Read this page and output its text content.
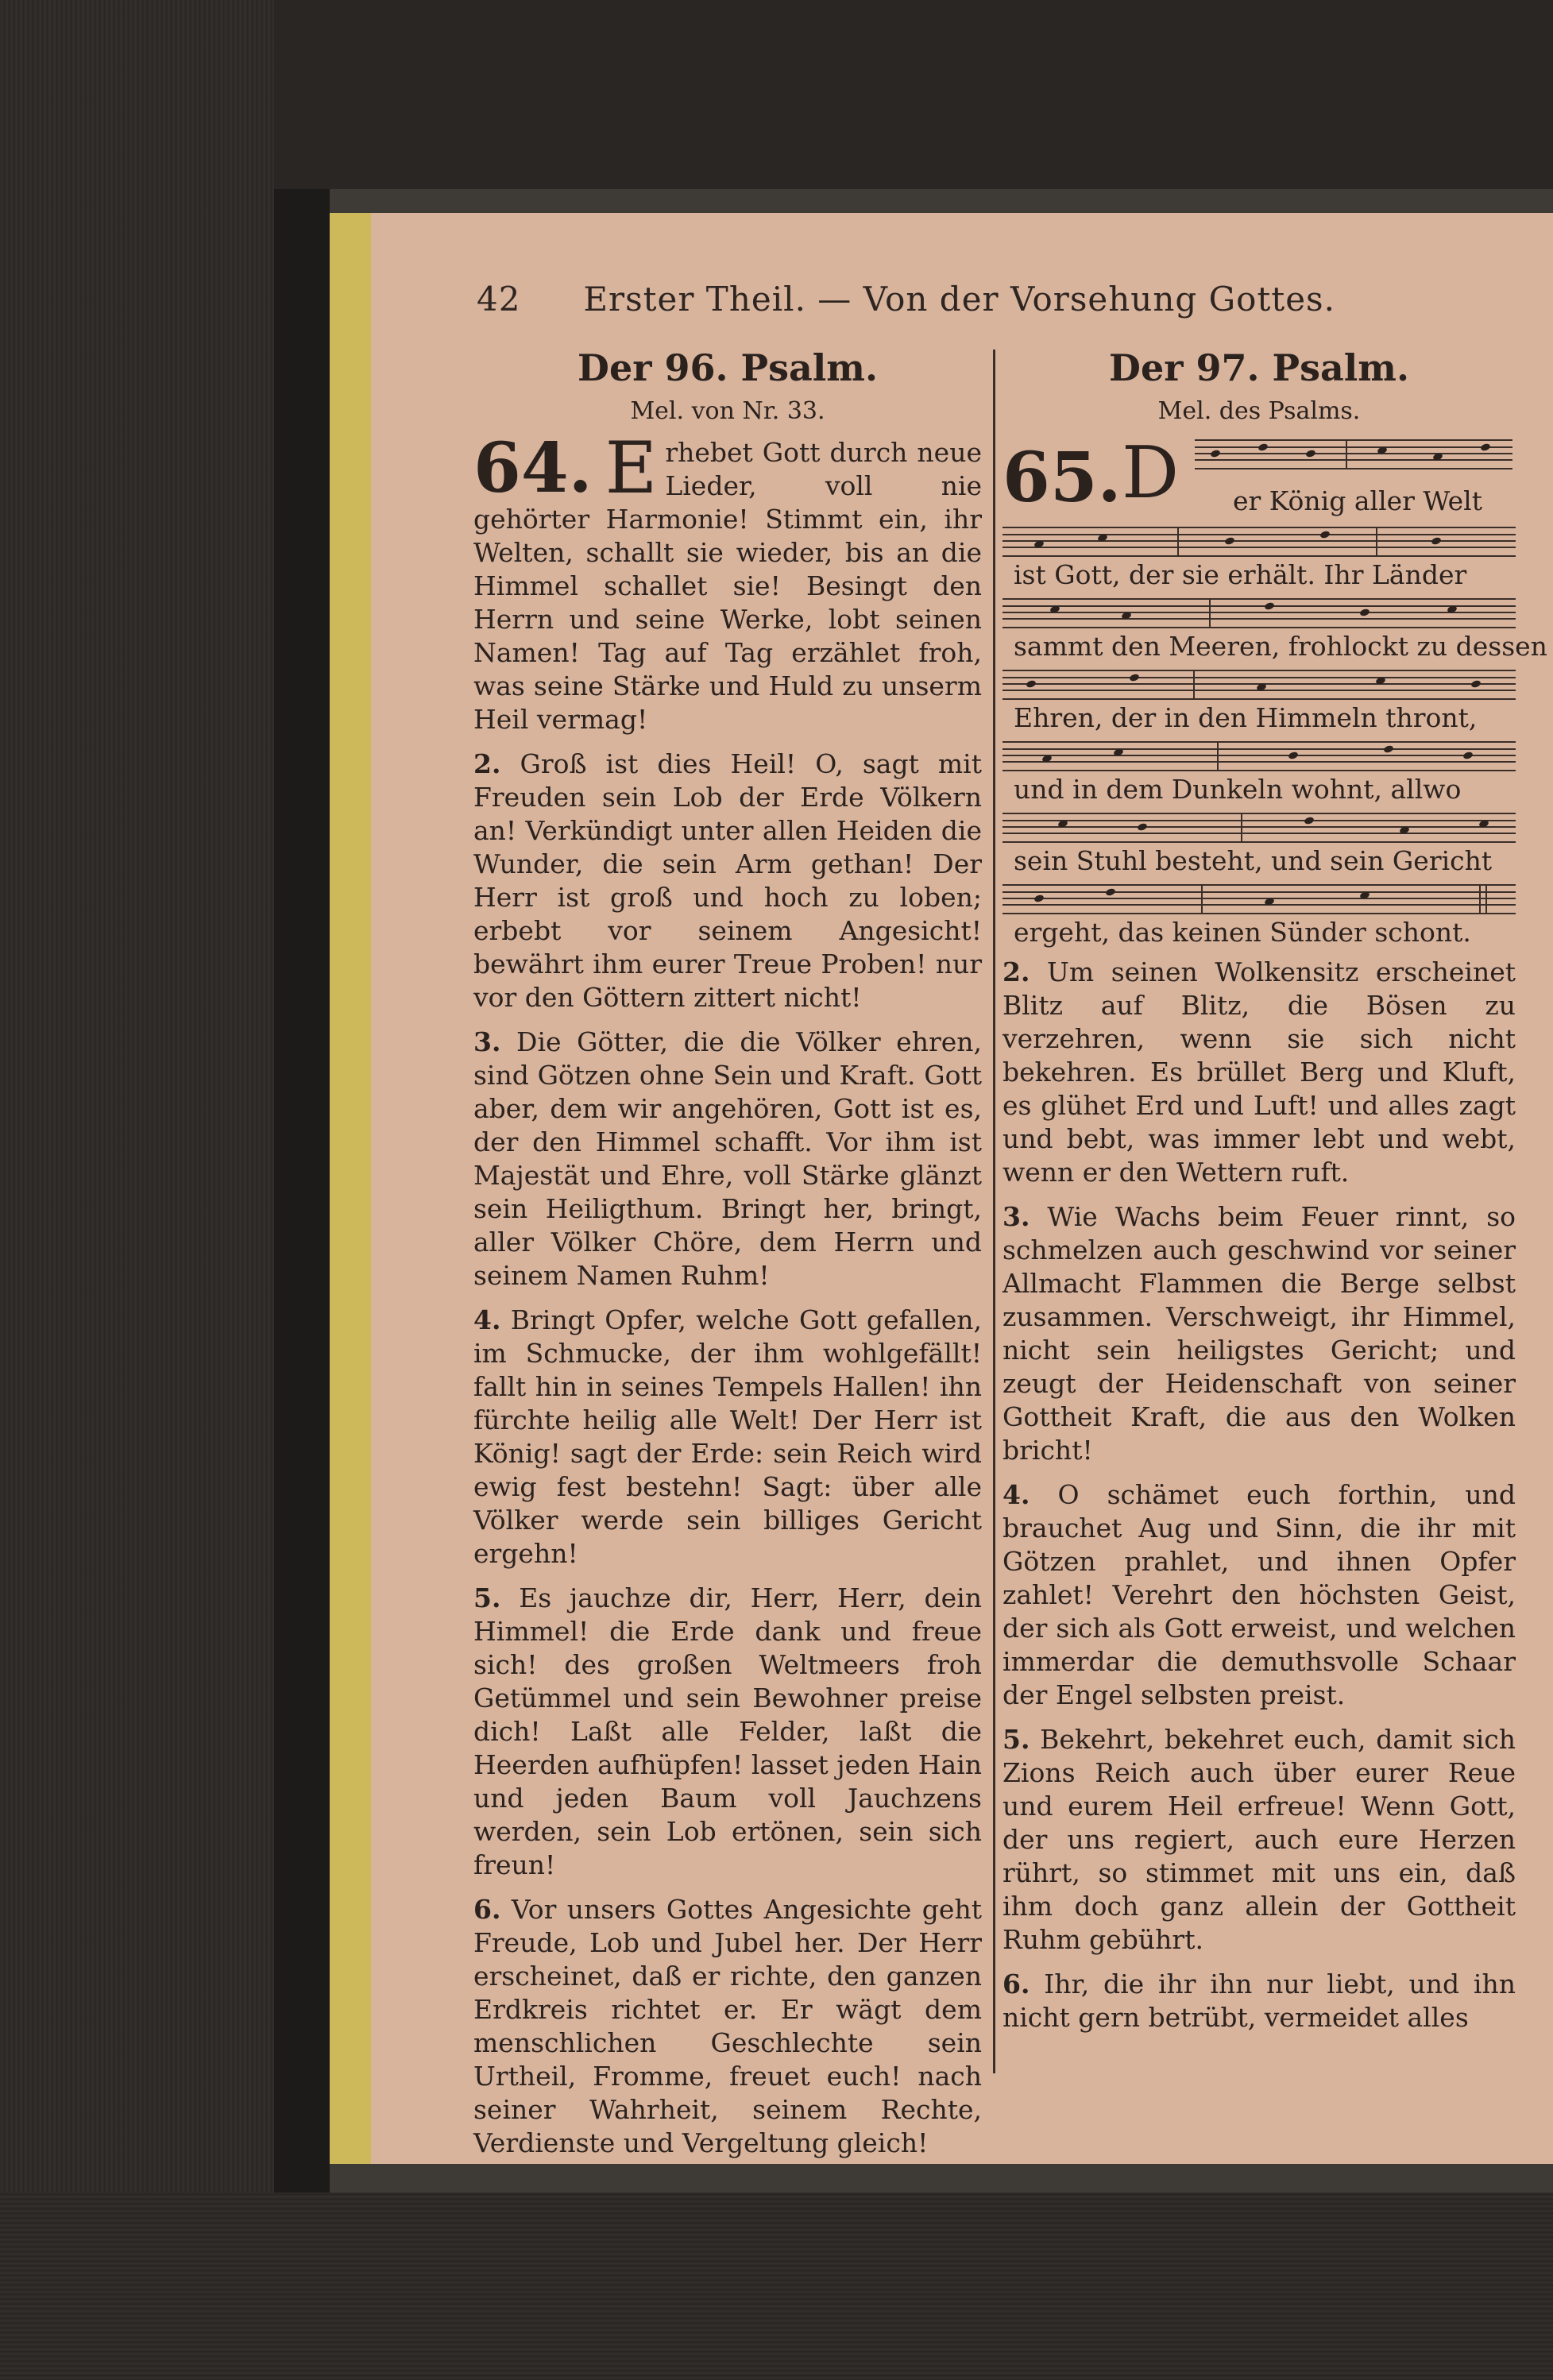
42 Erster Theil. — Von der Vorsehung Gottes.
Der 96. Psalm.
Mel. von Nr. 33.
64. E rhebet Gott durch neue Lieder, voll nie gehörter Harmonie! Stimmt ein, ihr Welten, schallt sie wieder, bis an die Himmel schallet sie! Besingt den Herrn und seine Werke, lobt seinen Namen! Tag auf Tag erzählet froh, was seine Stärke und Huld zu unserm Heil vermag!
2. Groß ist dies Heil! O, sagt mit Freuden sein Lob der Erde Völkern an! Verkündigt unter allen Heiden die Wunder, die sein Arm gethan! Der Herr ist groß und hoch zu loben; erbebt vor seinem Angesicht! bewährt ihm eurer Treue Proben! nur vor den Göttern zittert nicht!
3. Die Götter, die die Völker ehren, sind Götzen ohne Sein und Kraft. Gott aber, dem wir angehören, Gott ist es, der den Himmel schafft. Vor ihm ist Majestät und Ehre, voll Stärke glänzt sein Heiligthum. Bringt her, bringt, aller Völker Chöre, dem Herrn und seinem Namen Ruhm!
4. Bringt Opfer, welche Gott gefallen, im Schmucke, der ihm wohlgefällt! fallt hin in seines Tempels Hallen! ihn fürchte heilig alle Welt! Der Herr ist König! sagt der Erde: sein Reich wird ewig fest bestehn! Sagt: über alle Völker werde sein billiges Gericht ergehn!
5. Es jauchze dir, Herr, Herr, dein Himmel! die Erde dank und freue sich! des großen Weltmeers froh Getümmel und sein Bewohner preise dich! Laßt alle Felder, laßt die Heerden aufhüpfen! lasset jeden Hain und jeden Baum voll Jauchzens werden, sein Lob ertönen, sein sich freun!
6. Vor unsers Gottes Angesichte geht Freude, Lob und Jubel her. Der Herr erscheinet, daß er richte, den ganzen Erdkreis richtet er. Er wägt dem menschlichen Geschlechte sein Urtheil, Fromme, freuet euch! nach seiner Wahrheit, seinem Rechte, Verdienste und Vergeltung gleich!
Der 97. Psalm.
Mel. des Psalms.
65. D er König aller Welt
ist Gott, der sie erhält. Ihr Länder
sammt den Meeren, frohlockt zu dessen
Ehren, der in den Himmeln thront,
und in dem Dunkeln wohnt, allwo
sein Stuhl besteht, und sein Gericht
ergeht, das keinen Sünder schont.
2. Um seinen Wolkensitz erscheinet Blitz auf Blitz, die Bösen zu verzehren, wenn sie sich nicht bekehren. Es brüllet Berg und Kluft, es glühet Erd und Luft! und alles zagt und bebt, was immer lebt und webt, wenn er den Wettern ruft.
3. Wie Wachs beim Feuer rinnt, so schmelzen auch geschwind vor seiner Allmacht Flammen die Berge selbst zusammen. Verschweigt, ihr Himmel, nicht sein heiligstes Gericht; und zeugt der Heidenschaft von seiner Gottheit Kraft, die aus den Wolken bricht!
4. O schämet euch forthin, und brauchet Aug und Sinn, die ihr mit Götzen prahlet, und ihnen Opfer zahlet! Verehrt den höchsten Geist, der sich als Gott erweist, und welchen immerdar die demuthsvolle Schaar der Engel selbsten preist.
5. Bekehrt, bekehret euch, damit sich Zions Reich auch über eurer Reue und eurem Heil erfreue! Wenn Gott, der uns regiert, auch eure Herzen rührt, so stimmet mit uns ein, daß ihm doch ganz allein der Gottheit Ruhm gebührt.
6. Ihr, die ihr ihn nur liebt, und ihn nicht gern betrübt, vermeidet alles
